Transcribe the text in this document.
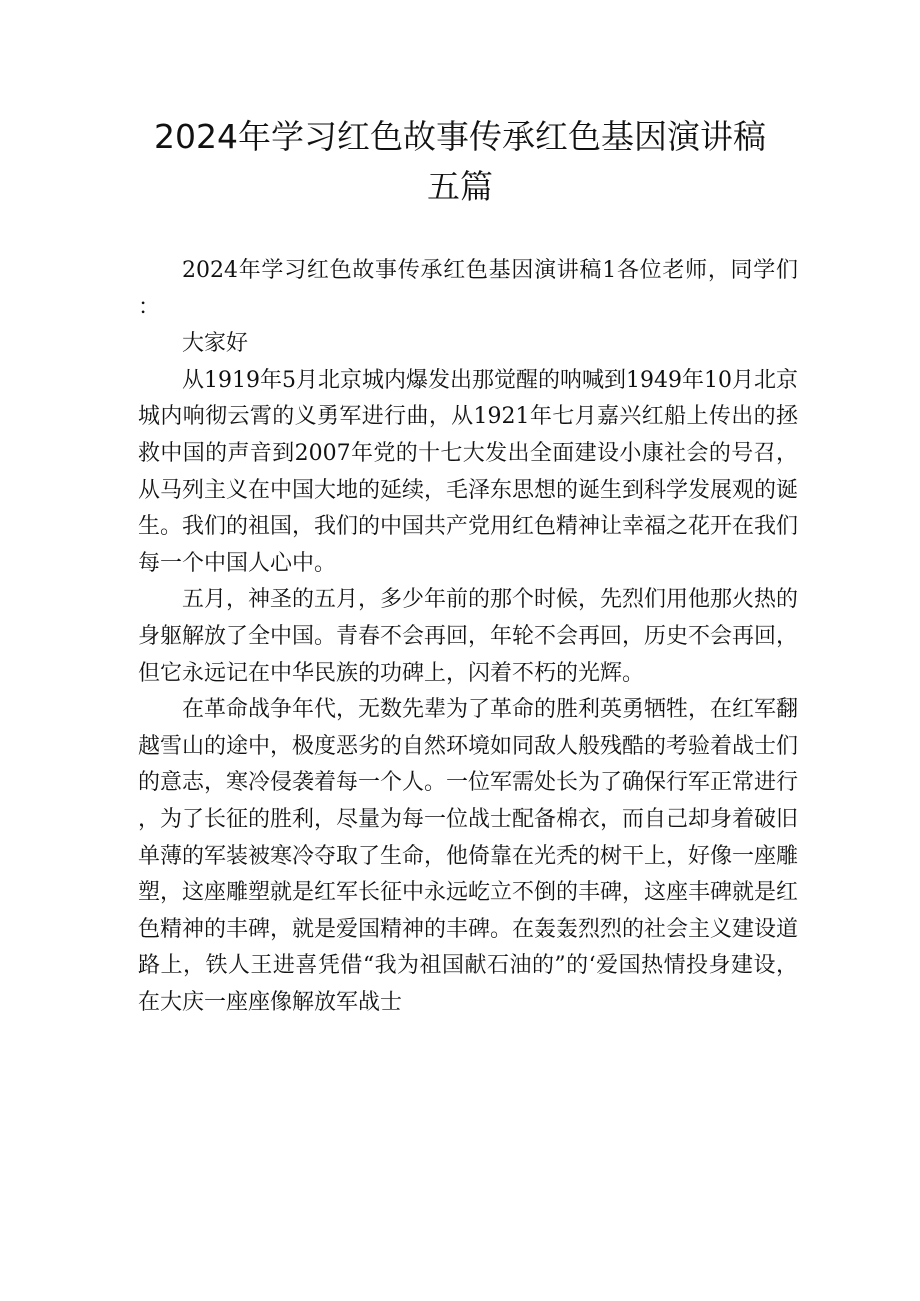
2024年学习红色故事传承红色基因演讲稿
五篇

2024年学习红色故事传承红色基因演讲稿1各位老师，同学们：

大家好

从1919年5月北京城内爆发出那觉醒的呐喊到1949年10月北京城内响彻云霄的义勇军进行曲，从1921年七月嘉兴红船上传出的拯救中国的声音到2007年党的十七大发出全面建设小康社会的号召，从马列主义在中国大地的延续，毛泽东思想的诞生到科学发展观的诞生。我们的祖国，我们的中国共产党用红色精神让幸福之花开在我们每一个中国人心中。

五月，神圣的五月，多少年前的那个时候，先烈们用他那火热的身躯解放了全中国。青春不会再回，年轮不会再回，历史不会再回，但它永远记在中华民族的功碑上，闪着不朽的光辉。

在革命战争年代，无数先辈为了革命的胜利英勇牺牲，在红军翻越雪山的途中，极度恶劣的自然环境如同敌人般残酷的考验着战士们的意志，寒冷侵袭着每一个人。一位军需处长为了确保行军正常进行，为了长征的胜利，尽量为每一位战士配备棉衣，而自己却身着破旧单薄的军装被寒冷夺取了生命，他倚靠在光秃的树干上，好像一座雕塑，这座雕塑就是红军长征中永远屹立不倒的丰碑，这座丰碑就是红色精神的丰碑，就是爱国精神的丰碑。在轰轰烈烈的社会主义建设道路上，铁人王进喜凭借“我为祖国献石油的”的‘爱国热情投身建设，在大庆一座座像解放军战士
